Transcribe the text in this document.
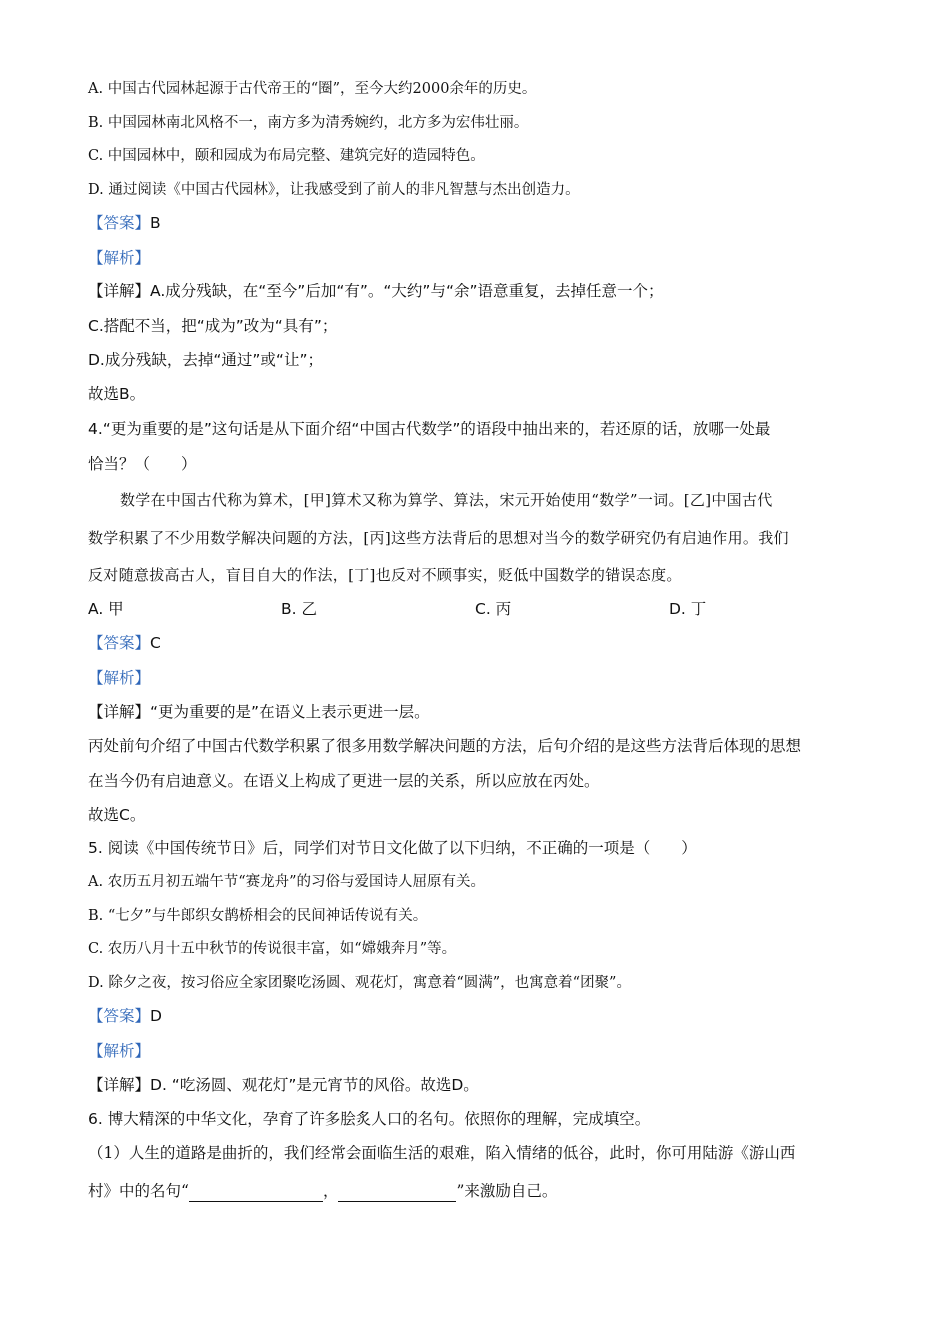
A. 中国古代园林起源于古代帝王的“圈”，至今大约2000余年的历史。
B. 中国园林南北风格不一，南方多为清秀婉约，北方多为宏伟壮丽。
C. 中国园林中，颐和园成为布局完整、建筑完好的造园特色。
D. 通过阅读《中国古代园林》，让我感受到了前人的非凡智慧与杰出创造力。
【答案】B
【解析】
【详解】A.成分残缺，在“至今”后加“有”。“大约”与“余”语意重复，去掉任意一个；
C.搭配不当，把“成为”改为“具有”；
D.成分残缺，去掉“通过”或“让”；
故选B。
4.“更为重要的是”这句话是从下面介绍“中国古代数学”的语段中抽出来的，若还原的话，放哪一处最
恰当？（　　）
数学在中国古代称为算术，[甲]算术又称为算学、算法，宋元开始使用“数学”一词。[乙]中国古代
数学积累了不少用数学解决问题的方法，[丙]这些方法背后的思想对当今的数学研究仍有启迪作用。我们
反对随意拔高古人，盲目自大的作法，[丁]也反对不顾事实，贬低中国数学的错误态度。
A. 甲	B. 乙	C. 丙	D. 丁
【答案】C
【解析】
【详解】“更为重要的是”在语义上表示更进一层。
丙处前句介绍了中国古代数学积累了很多用数学解决问题的方法，后句介绍的是这些方法背后体现的思想
在当今仍有启迪意义。在语义上构成了更进一层的关系，所以应放在丙处。
故选C。
5. 阅读《中国传统节日》后，同学们对节日文化做了以下归纳，不正确的一项是（　　）
A. 农历五月初五端午节“赛龙舟”的习俗与爱国诗人屈原有关。
B. “七夕”与牛郎织女鹊桥相会的民间神话传说有关。
C. 农历八月十五中秋节的传说很丰富，如“嫦娥奔月”等。
D. 除夕之夜，按习俗应全家团聚吃汤圆、观花灯，寓意着“圆满”，也寓意着“团聚”。
【答案】D
【解析】
【详解】D. “吃汤圆、观花灯”是元宵节的风俗。故选D。
6. 博大精深的中华文化，孕育了许多脍炙人口的名句。依照你的理解，完成填空。
（1）人生的道路是曲折的，我们经常会面临生活的艰难，陷入情绪的低谷，此时，你可用陆游《游山西
村》中的名句“	，	”来激励自己。
